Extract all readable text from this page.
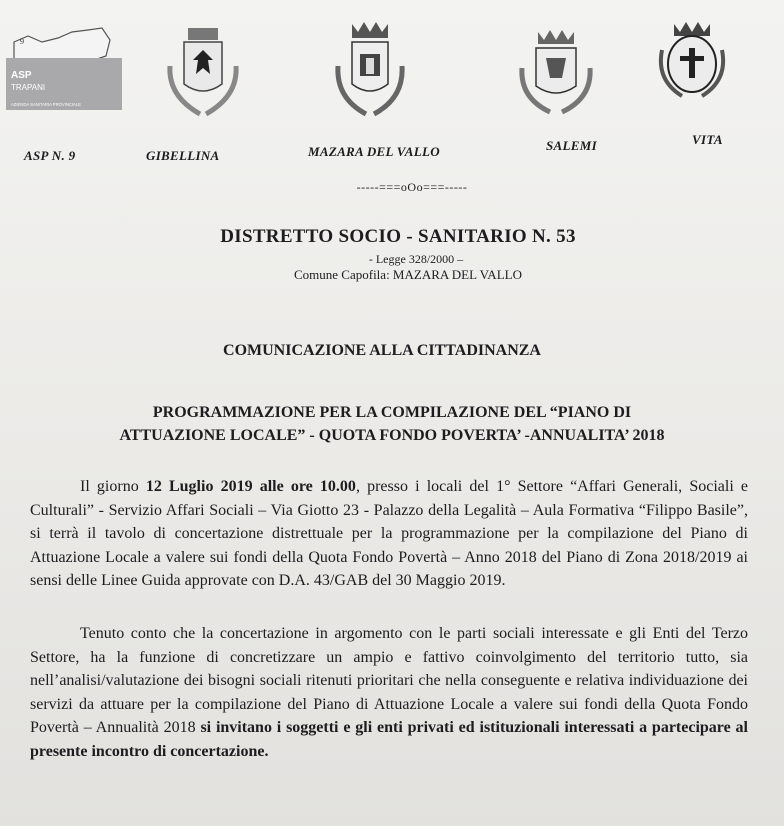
9
ASP
TRAPANI
AZIENDA SANITARIA PROVINCIALE
ASP N. 9	GIBELLINA	MAZARA DEL VALLO	SALEMI	VITA
-----===oOo===-----
DISTRETTO SOCIO - SANITARIO N. 53
- Legge 328/2000 –
Comune Capofila: MAZARA DEL VALLO
COMUNICAZIONE ALLA CITTADINANZA
PROGRAMMAZIONE PER LA COMPILAZIONE DEL “PIANO DI
ATTUAZIONE LOCALE” - QUOTA FONDO POVERTA’ -ANNUALITA’ 2018

Il giorno 12 Luglio 2019 alle ore 10.00, presso i locali del 1° Settore “Affari Generali, Sociali e Culturali” - Servizio Affari Sociali – Via Giotto 23 - Palazzo della Legalità – Aula Formativa “Filippo Basile”, si terrà il tavolo di concertazione distrettuale per la programmazione per la compilazione del Piano di Attuazione Locale a valere sui fondi della Quota Fondo Povertà – Anno 2018 del Piano di Zona 2018/2019 ai sensi delle Linee Guida approvate con D.A. 43/GAB del 30 Maggio 2019.

Tenuto conto che la concertazione in argomento con le parti sociali interessate e gli Enti del Terzo Settore, ha la funzione di concretizzare un ampio e fattivo coinvolgimento del territorio tutto, sia nell’analisi/valutazione dei bisogni sociali ritenuti prioritari che nella conseguente e relativa individuazione dei servizi da attuare per la compilazione del Piano di Attuazione Locale a valere sui fondi della Quota Fondo Povertà – Annualità 2018 si invitano i soggetti e gli enti privati ed istituzionali interessati a partecipare al presente incontro di concertazione.
